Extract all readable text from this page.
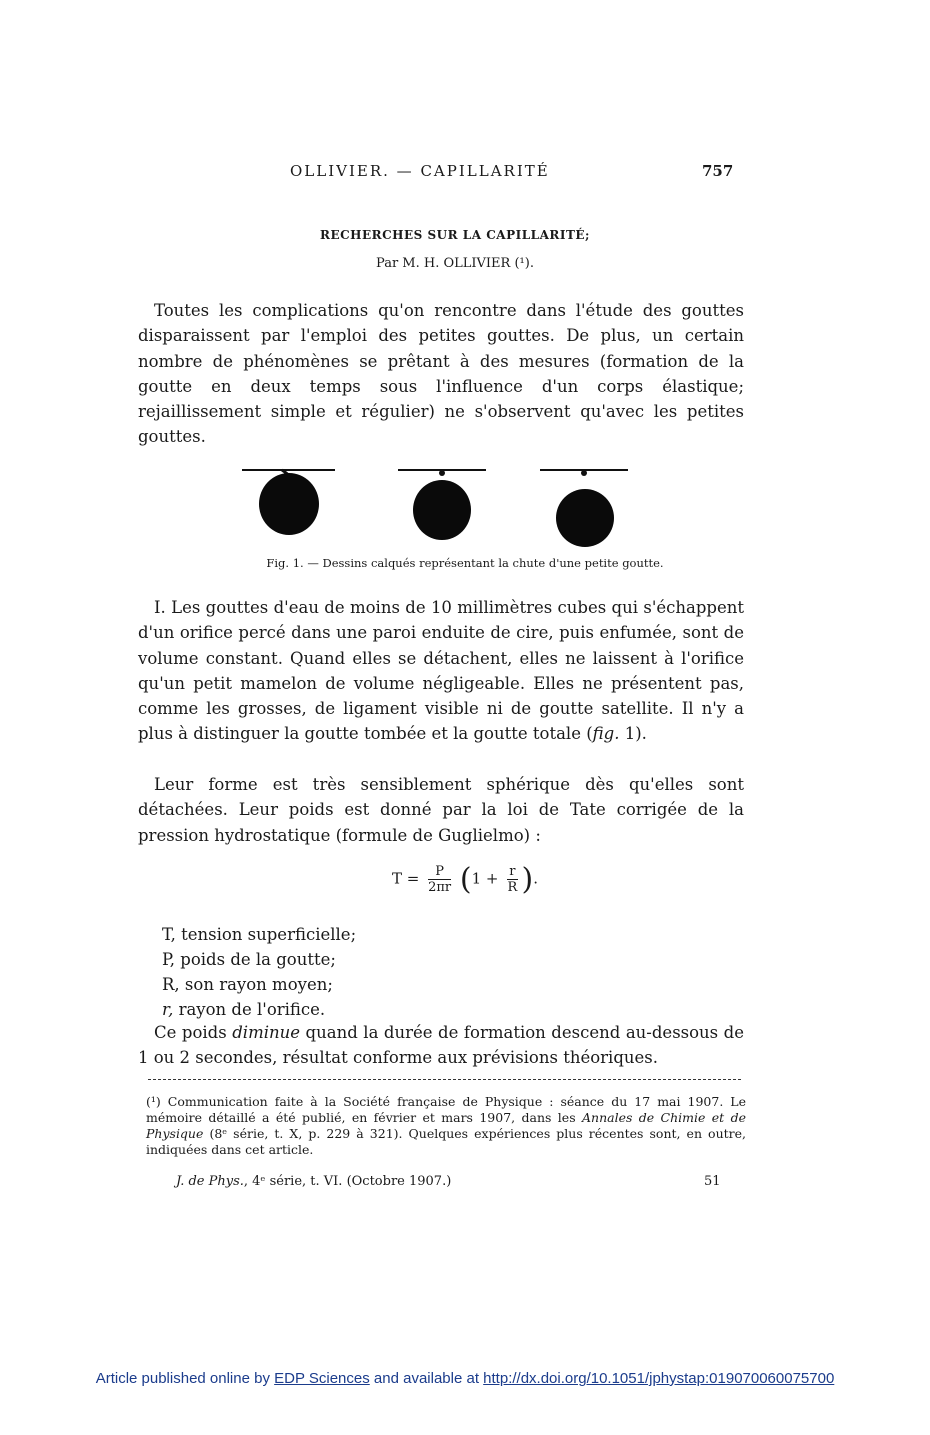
OLLIVIER. — CAPILLARITÉ	757
RECHERCHES SUR LA CAPILLARITÉ;
Par M. H. OLLIVIER (¹).
Toutes les complications qu'on rencontre dans l'étude des gouttes disparaissent par l'emploi des petites gouttes. De plus, un certain nombre de phénomènes se prêtant à des mesures (formation de la goutte en deux temps sous l'influence d'un corps élastique; rejaillissement simple et régulier) ne s'observent qu'avec les petites gouttes.
Fig. 1. — Dessins calqués représentant la chute d'une petite goutte.
I. Les gouttes d'eau de moins de 10 millimètres cubes qui s'échappent d'un orifice percé dans une paroi enduite de cire, puis enfumée, sont de volume constant. Quand elles se détachent, elles ne laissent à l'orifice qu'un petit mamelon de volume négligeable. Elles ne présentent pas, comme les grosses, de ligament visible ni de goutte satellite. Il n'y a plus à distinguer la goutte tombée et la goutte totale (fig. 1).
Leur forme est très sensiblement sphérique dès qu'elles sont détachées. Leur poids est donné par la loi de Tate corrigée de la pression hydrostatique (formule de Guglielmo) :
$T = \frac{P}{2\pi r} (1 + \frac{r}{R}$ ).
T, tension superficielle;
P, poids de la goutte;
R, son rayon moyen;
r, rayon de l'orifice.
Ce poids diminue quand la durée de formation descend au-dessous de 1 ou 2 secondes, résultat conforme aux prévisions théoriques.
(¹) Communication faite à la Société française de Physique : séance du 17 mai 1907. Le mémoire détaillé a été publié, en février et mars 1907, dans les Annales de Chimie et de Physique (8ᵉ série, t. X, p. 229 à 321). Quelques expériences plus récentes sont, en outre, indiquées dans cet article.
J. de Phys., 4ᵉ série, t. VI. (Octobre 1907.)	51
Article published online by EDP Sciences and available at http://dx.doi.org/10.1051/jphystap:019070060075700
